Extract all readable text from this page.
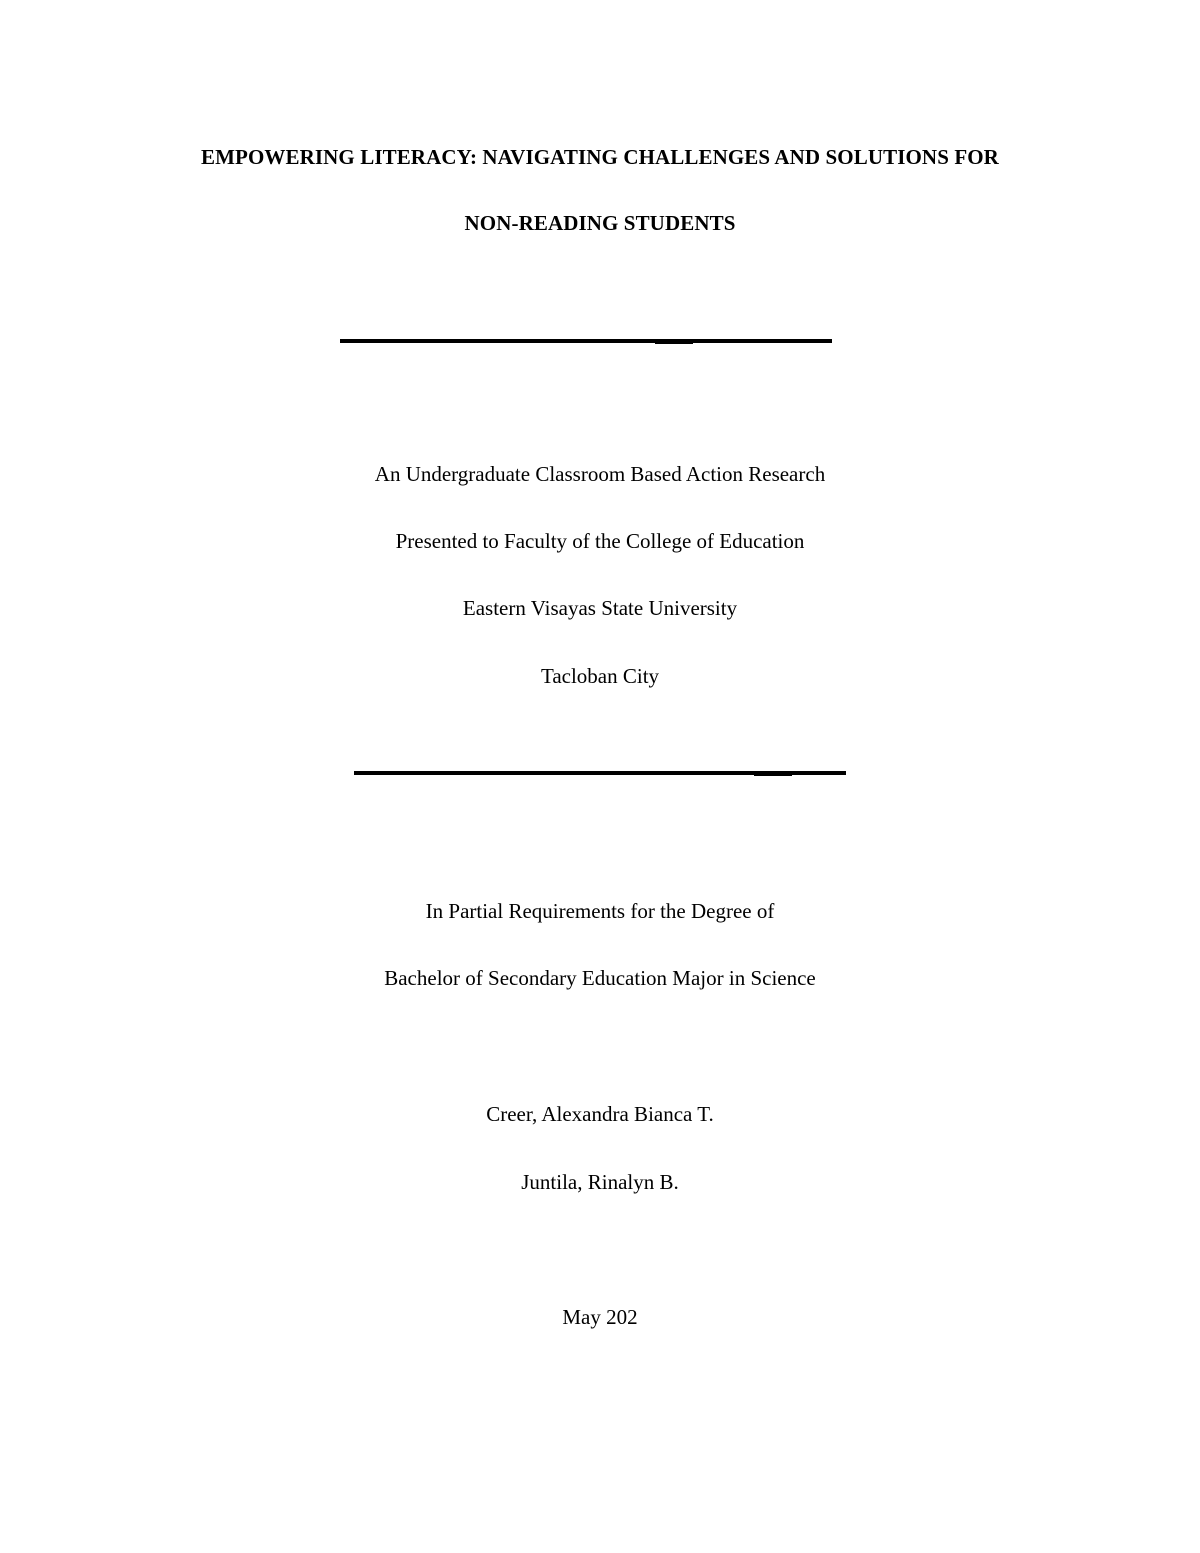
EMPOWERING LITERACY: NAVIGATING CHALLENGES AND SOLUTIONS FOR
NON-READING STUDENTS
An Undergraduate Classroom Based Action Research
Presented to Faculty of the College of Education
Eastern Visayas State University
Tacloban City
In Partial Requirements for the Degree of
Bachelor of Secondary Education Major in Science
Creer, Alexandra Bianca T.
Juntila, Rinalyn B.
May 202
